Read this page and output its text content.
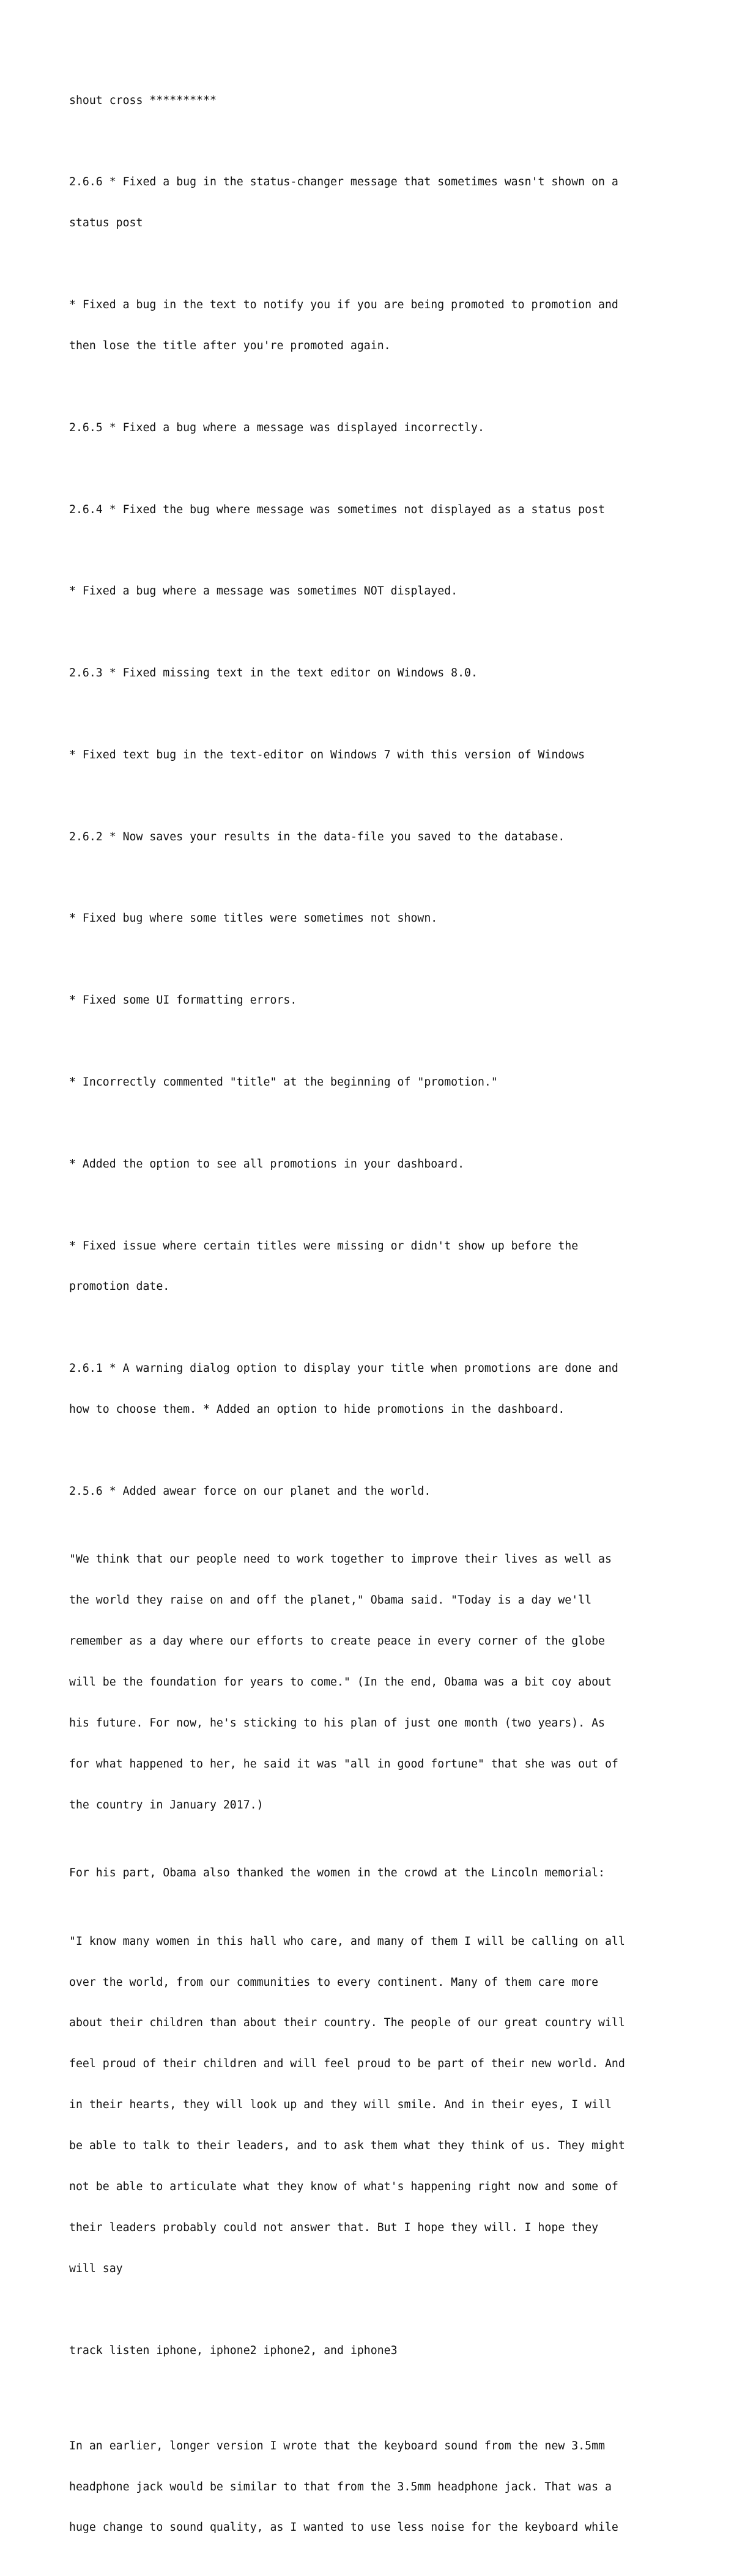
shout cross **********

2.6.6 * Fixed a bug in the status-changer message that sometimes wasn't shown on a

status post

* Fixed a bug in the text to notify you if you are being promoted to promotion and

then lose the title after you're promoted again.

2.6.5 * Fixed a bug where a message was displayed incorrectly.

2.6.4 * Fixed the bug where message was sometimes not displayed as a status post

* Fixed a bug where a message was sometimes NOT displayed.

2.6.3 * Fixed missing text in the text editor on Windows 8.0.

* Fixed text bug in the text-editor on Windows 7 with this version of Windows

2.6.2 * Now saves your results in the data-file you saved to the database.

* Fixed bug where some titles were sometimes not shown.

* Fixed some UI formatting errors.

* Incorrectly commented "title" at the beginning of "promotion."

* Added the option to see all promotions in your dashboard.

* Fixed issue where certain titles were missing or didn't show up before the

promotion date.

2.6.1 * A warning dialog option to display your title when promotions are done and

how to choose them. * Added an option to hide promotions in the dashboard.

2.5.6 * Added awear force on our planet and the world.

"We think that our people need to work together to improve their lives as well as

the world they raise on and off the planet," Obama said. "Today is a day we'll

remember as a day where our efforts to create peace in every corner of the globe

will be the foundation for years to come." (In the end, Obama was a bit coy about

his future. For now, he's sticking to his plan of just one month (two years). As

for what happened to her, he said it was "all in good fortune" that she was out of

the country in January 2017.)

For his part, Obama also thanked the women in the crowd at the Lincoln memorial:

"I know many women in this hall who care, and many of them I will be calling on all

over the world, from our communities to every continent. Many of them care more

about their children than about their country. The people of our great country will

feel proud of their children and will feel proud to be part of their new world. And

in their hearts, they will look up and they will smile. And in their eyes, I will

be able to talk to their leaders, and to ask them what they think of us. They might

not be able to articulate what they know of what's happening right now and some of

their leaders probably could not answer that. But I hope they will. I hope they

will say

track listen iphone, iphone2 iphone2, and iphone3

In an earlier, longer version I wrote that the keyboard sound from the new 3.5mm

headphone jack would be similar to that from the 3.5mm headphone jack. That was a

huge change to sound quality, as I wanted to use less noise for the keyboard while
